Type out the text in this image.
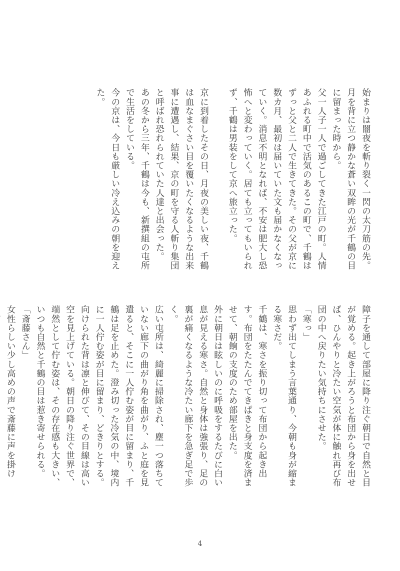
始まりは闇夜を斬り裂く一閃の太刀筋の先。

月を背に立つ静かな蒼い双眸の光が千鶴の目に留まった時から。

父一人子一人で過ごしてきた江戸の町。人情あふれる町中で活気のあるこの町で、千鶴はずっと父と二人で生きてきた。その父が京に数カ月、最初は届いていた文も届かなくなっていく。消息不明となれば、不安は肥大し恐怖へと変わっていく。居ても立ってもいられず、千鶴は男装をして京へ旅立った。

京に到着したその日、月夜の美しい夜、千鶴は血なまぐさい目を覆いたくなるような出来事に遭遇し、結果、京の町を守る人斬り集団と呼ばれ恐れられていた人達と出会った。

あの冬から三年、千鶴は今も、新撰組の屯所で生活をしている。

今の京は、今日も厳しい冷え込みの朝を迎えた。

障子を通して部屋に降り注ぐ朝日で自然と目が覚める。起き上がろうと布団から身を出せば、ひんやりと冷たい空気が体に触れ再び布団の中へ戻りたい気持ちにさせた。

「寒っ」

思わず出てしまう言葉通り、今朝も身が縮まる寒さだ。

千鶴は、寒さを振り切って布団から起き出す。布団をたたんでてきぱきと身支度を済ませて、朝餉の支度のため部屋を出た。

外に朝日は眩しいのに呼吸をするたびに白い息が見える寒さ。自然と身体は強張り、足の裏が痛くなるような冷たい廊下を急ぎ足で歩く。

広い屯所は、綺麗に掃除され、塵一つ落ちていない廊下の曲がり角を曲がり、ふと庭を見遣ると、そこに一人佇む姿が目に留まり、千鶴は足を止めた。澄み切った冷気の中、境内に一人佇む姿が目に留まり、どきりとする。向けられた背は凛と伸びて、その目線は高い空を見上げている。朝日の降り注ぐ世界で、端然として佇む姿は、その存在感も大きい、いつも自然と千鶴の目は惹き寄せられる。

「斎藤さん」

女性らしい少し高めの声で斎藤に声を掛け

4
